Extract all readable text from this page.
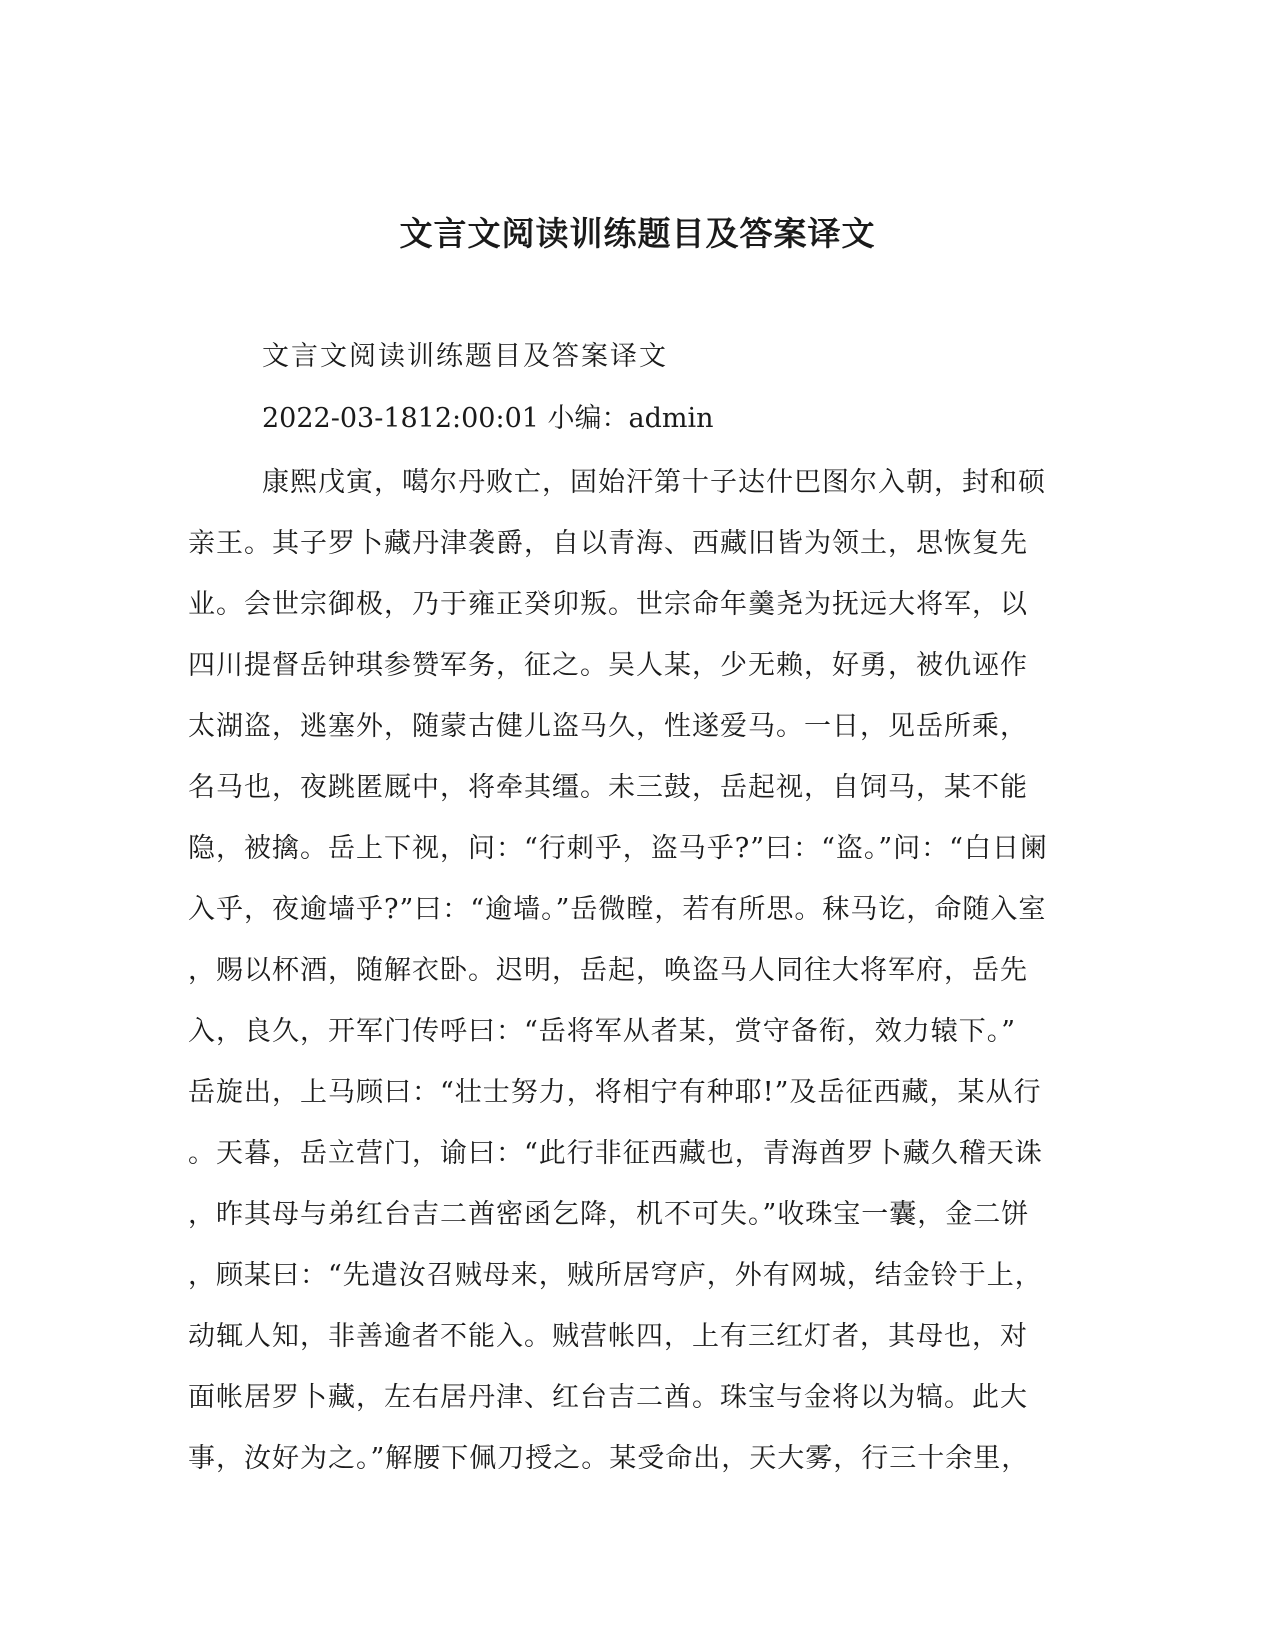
文言文阅读训练题目及答案译文
文言文阅读训练题目及答案译文
2022-03-1812:00:01 小编：admin
康熙戊寅，噶尔丹败亡，固始汗第十子达什巴图尔入朝，封和硕
亲王。其子罗卜藏丹津袭爵，自以青海、西藏旧皆为领土，思恢复先
业。会世宗御极，乃于雍正癸卯叛。世宗命年羹尧为抚远大将军，以
四川提督岳钟琪参赞军务，征之。吴人某，少无赖，好勇，被仇诬作
太湖盗，逃塞外，随蒙古健儿盗马久，性遂爱马。一日，见岳所乘，
名马也，夜跳匿厩中，将牵其缰。未三鼓，岳起视，自饲马，某不能
隐，被擒。岳上下视，问：“行刺乎，盗马乎?”曰：“盗。”问：“白日阑
入乎，夜逾墙乎?”曰：“逾墙。”岳微瞠，若有所思。秣马讫，命随入室
，赐以杯酒，随解衣卧。迟明，岳起，唤盗马人同往大将军府，岳先
入，良久，开军门传呼曰：“岳将军从者某，赏守备衔，效力辕下。”
岳旋出，上马顾曰：“壮士努力，将相宁有种耶!”及岳征西藏，某从行
。天暮，岳立营门，谕曰：“此行非征西藏也，青海酋罗卜藏久稽天诛
，昨其母与弟红台吉二酋密函乞降，机不可失。”收珠宝一囊，金二饼
，顾某曰：“先遣汝召贼母来，贼所居穹庐，外有网城，结金铃于上，
动辄人知，非善逾者不能入。贼营帐四，上有三红灯者，其母也，对
面帐居罗卜藏，左右居丹津、红台吉二酋。珠宝与金将以为犒。此大
事，汝好为之。”解腰下佩刀授之。某受命出，天大雾，行三十余里，
